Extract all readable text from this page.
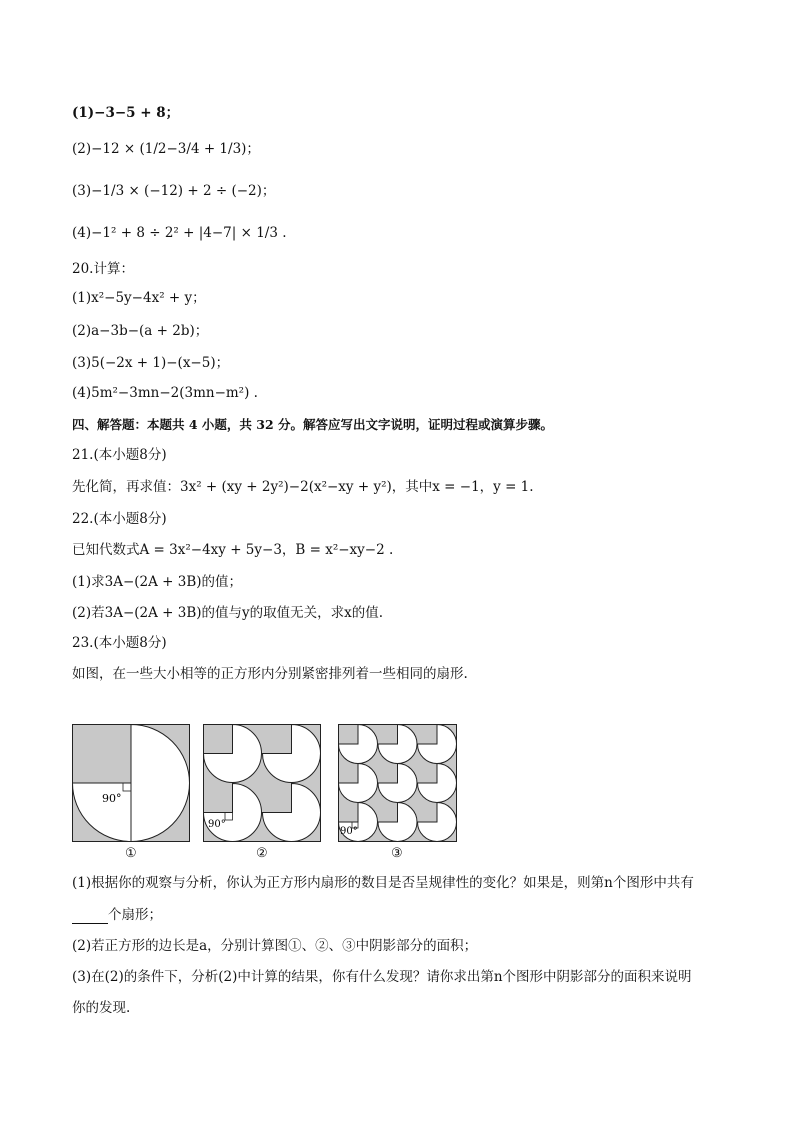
(1)−3−5 + 8；
(2)−12 × (1/2−3/4 + 1/3)；
(3)−1/3 × (−12) + 2 ÷ (−2)；
(4)−1² + 8 ÷ 2² + |4−7| × 1/3 .
20.计算：
(1)x²−5y−4x² + y；
(2)a−3b−(a + 2b)；
(3)5(−2x + 1)−(x−5)；
(4)5m²−3mn−2(3mn−m²) .
四、解答题：本题共 4 小题，共 32 分。解答应写出文字说明，证明过程或演算步骤。
21.(本小题8分)
先化简，再求值：3x² + (xy + 2y²)−2(x²−xy + y²)，其中x = −1，y = 1.
22.(本小题8分)
已知代数式A = 3x²−4xy + 5y−3，B = x²−xy−2 .
(1)求3A−(2A + 3B)的值；
(2)若3A−(2A + 3B)的值与y的取值无关，求x的值.
23.(本小题8分)
如图，在一些大小相等的正方形内分别紧密排列着一些相同的扇形.
90°
①
90°
②
90°
③
(1)根据你的观察与分析，你认为正方形内扇形的数目是否呈规律性的变化？如果是，则第n个图形中共有
个扇形；
(2)若正方形的边长是a，分别计算图①、②、③中阴影部分的面积；
(3)在(2)的条件下，分析(2)中计算的结果，你有什么发现？请你求出第n个图形中阴影部分的面积来说明
你的发现.
